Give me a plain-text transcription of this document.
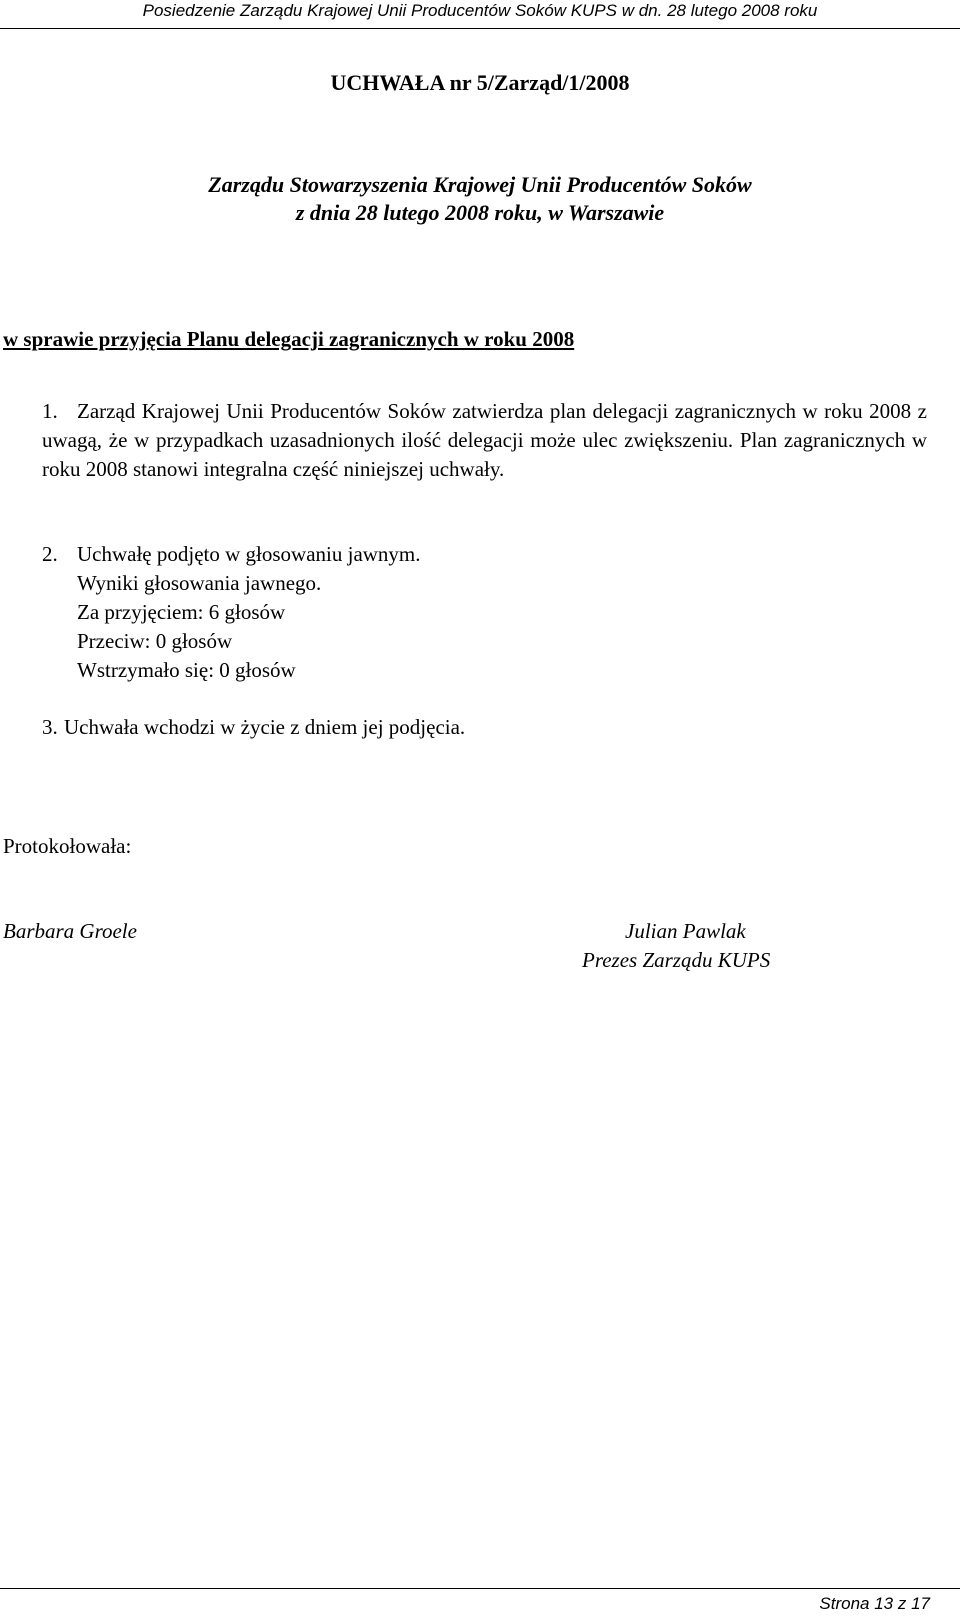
Posiedzenie Zarządu Krajowej Unii Producentów Soków KUPS w dn. 28 lutego 2008 roku
UCHWAŁA nr 5/Zarząd/1/2008
Zarządu Stowarzyszenia Krajowej Unii Producentów Soków
z dnia 28 lutego 2008 roku, w Warszawie
w sprawie przyjęcia Planu delegacji zagranicznych w roku 2008
1. Zarząd Krajowej Unii Producentów Soków zatwierdza plan delegacji zagranicznych w roku 2008 z uwagą, że w przypadkach uzasadnionych ilość delegacji może ulec zwiększeniu. Plan zagranicznych w roku 2008 stanowi integralna część niniejszej uchwały.
2. Uchwałę podjęto w głosowaniu jawnym.
Wyniki głosowania jawnego.
Za przyjęciem: 6 głosów
Przeciw: 0 głosów
Wstrzymało się: 0 głosów
3. Uchwała wchodzi w życie z dniem jej podjęcia.
Protokołowała:
Barbara Groele	Julian Pawlak
Prezes Zarządu KUPS
Strona 13 z 17
